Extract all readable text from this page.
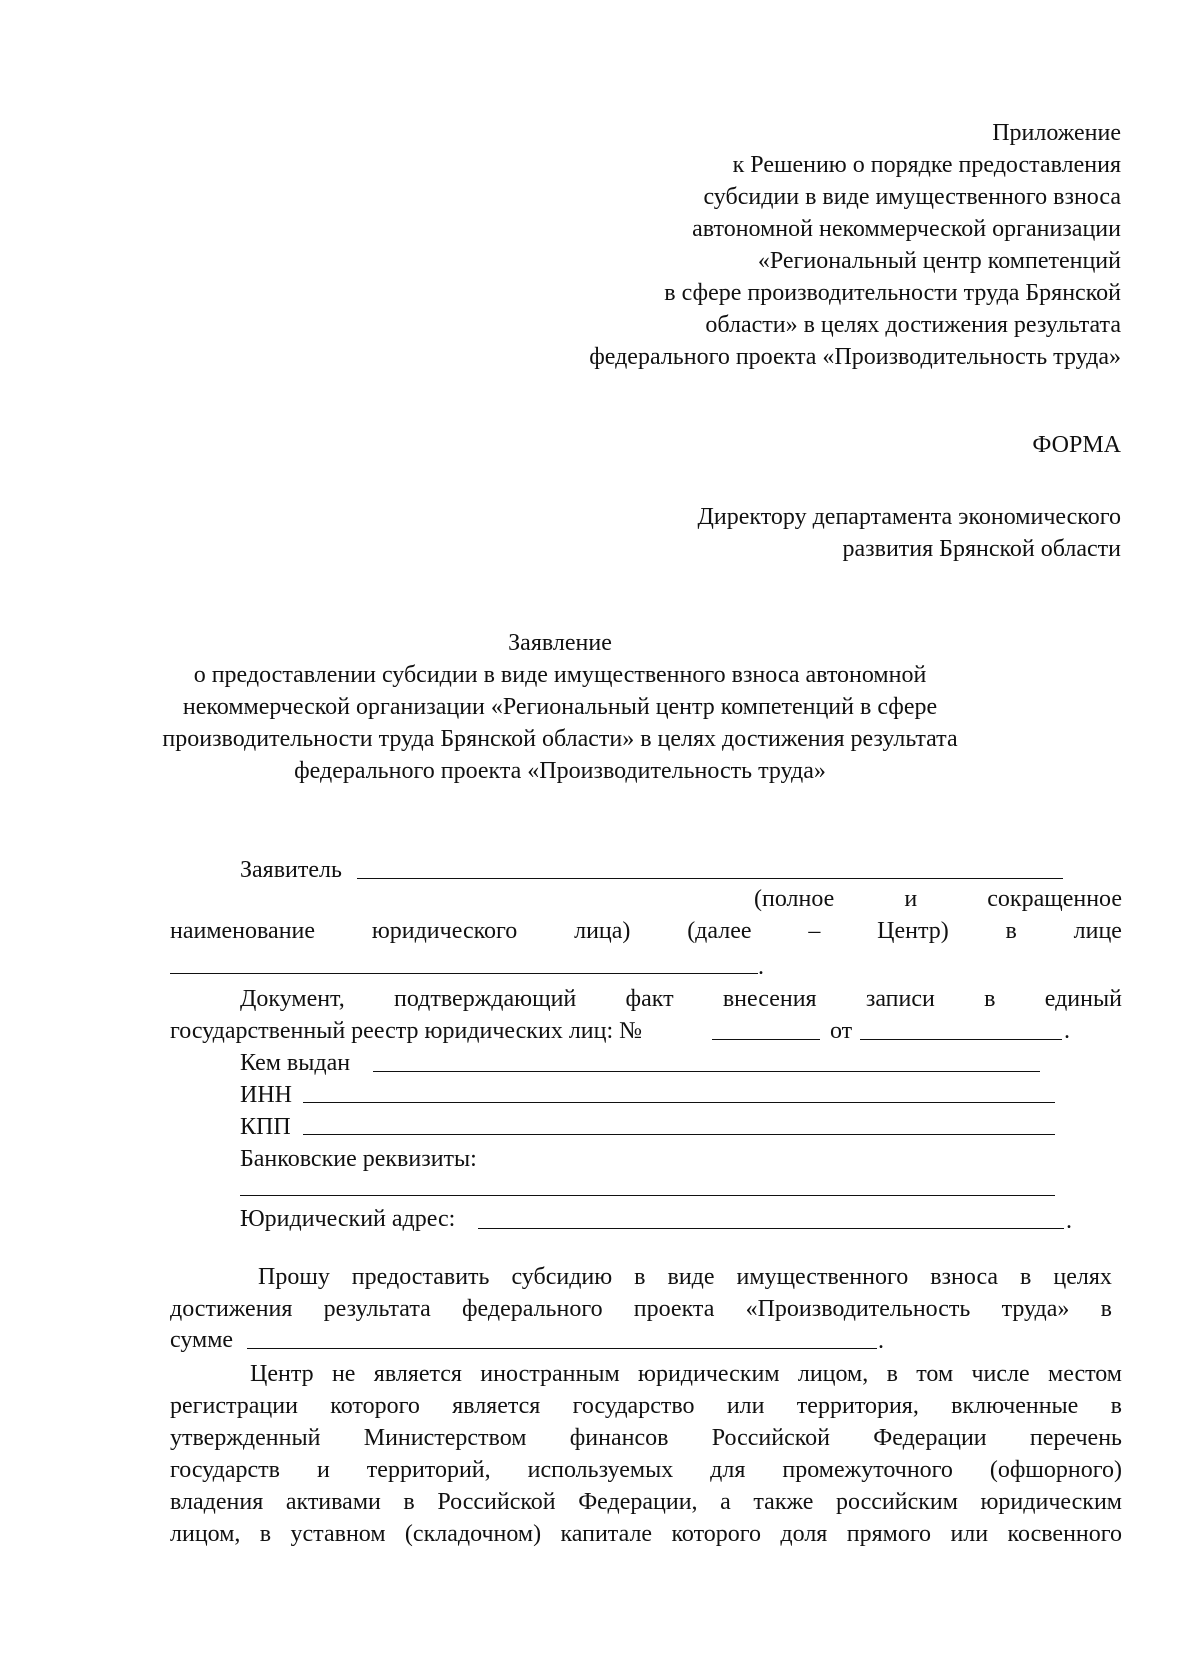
Приложение
к Решению о порядке предоставления
субсидии в виде имущественного взноса
автономной некоммерческой организации
«Региональный центр компетенций
в сфере производительности труда Брянской
области» в целях достижения результата
федерального проекта «Производительность труда»
ФОРМА
Директору департамента экономического
развития Брянской области
Заявление
о предоставлении субсидии в виде имущественного взноса автономной
некоммерческой организации «Региональный центр компетенций в сфере
производительности труда Брянской области» в целях достижения результата
федерального проекта «Производительность труда»
Заявитель
(полное	и	сокращенное
наименование юридического лица) (далее – Центр) в лице
.
Документ, подтверждающий факт внесения записи в единый
государственный реестр юридических лиц: №	от	.
Кем выдан
ИНН
КПП
Банковские реквизиты:
Юридический адрес:	.
Прошу предоставить субсидию в виде имущественного взноса в целях
достижения результата федерального проекта «Производительность труда» в
сумме	.
Центр не является иностранным юридическим лицом, в том числе местом
регистрации которого является государство или территория, включенные в
утвержденный Министерством финансов Российской Федерации перечень
государств и территорий, используемых для промежуточного (офшорного)
владения активами в Российской Федерации, а также российским юридическим
лицом, в уставном (складочном) капитале которого доля прямого или косвенного
